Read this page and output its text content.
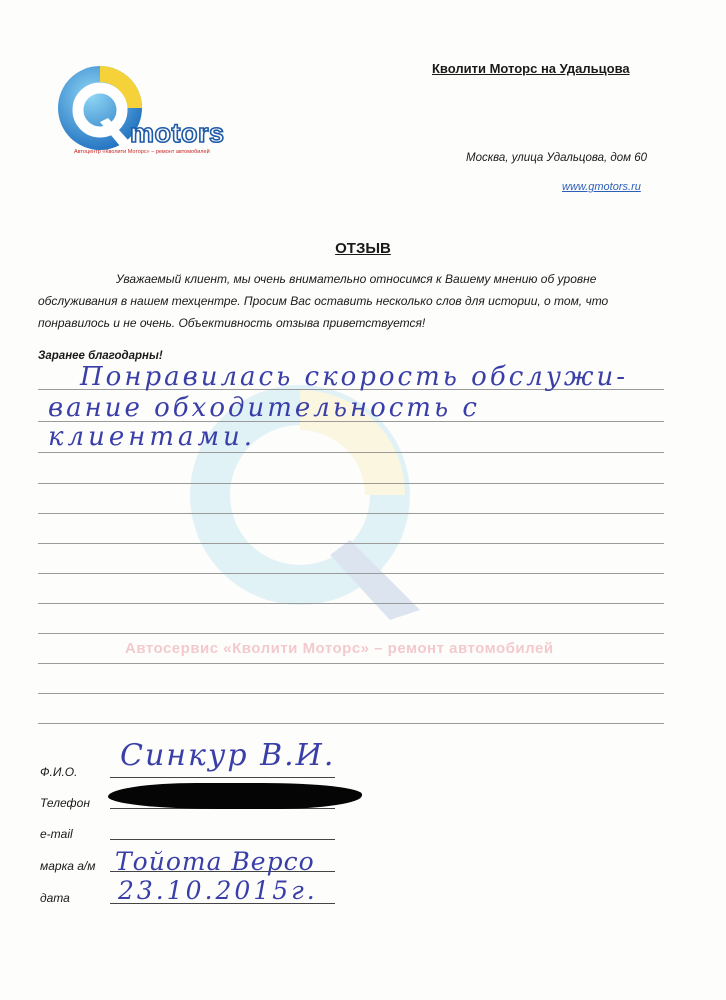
Автосервис «Кволити Моторс» – ремонт автомобилей
motors
Автоцентр «Кволити Моторс» – ремонт автомобилей
Кволити Моторс на Удальцова
Москва, улица Удальцова, дом 60
www.gmotors.ru
ОТЗЫВ
Уважаемый клиент, мы очень внимательно относимся к Вашему мнению об уровне
обслуживания в нашем техцентре. Просим Вас оставить несколько слов для истории, о том, что понравилось и не очень. Объективность отзыва приветствуется!
Заранее благодарны!
Понравилась скорость обслужи-
вание обходительность с
клиентами.
Ф.И.О. Синкур В.И.
Телефон
e-mail
марка а/м Тойота Версо
дата 23.10.2015г.
